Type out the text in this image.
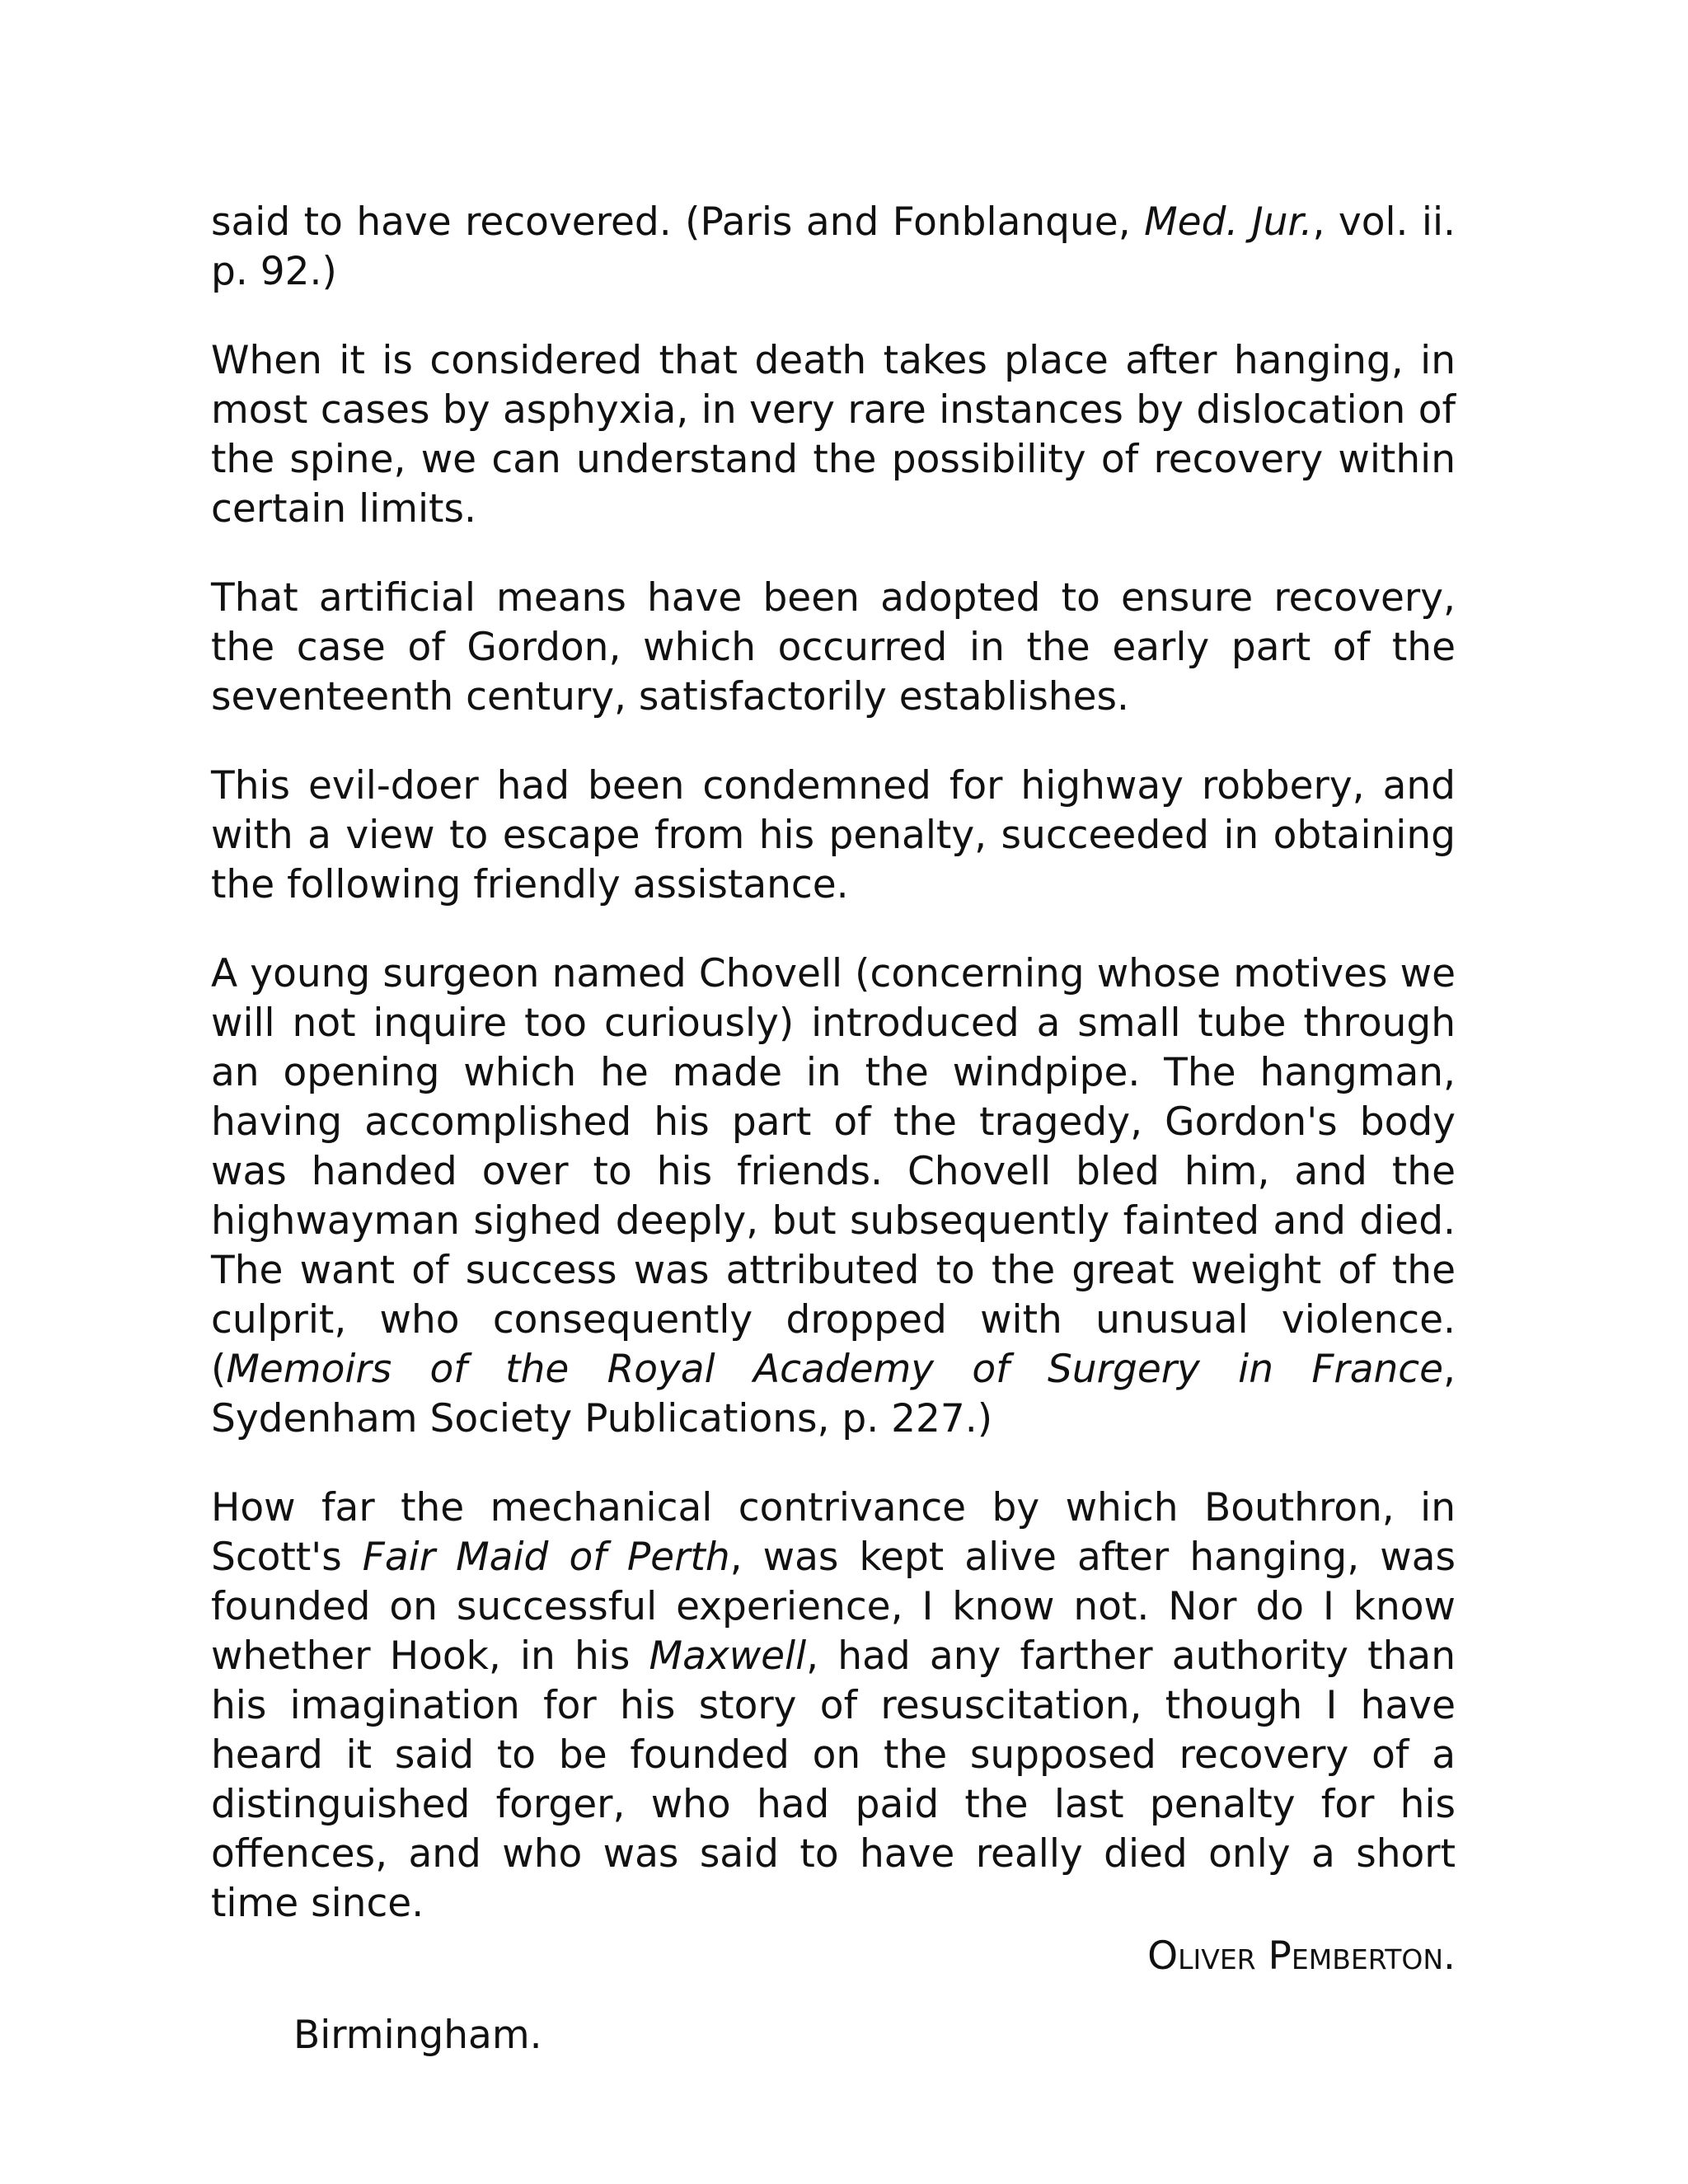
said to have recovered. (Paris and Fonblanque, Med. Jur., vol. ii. p. 92.)

When it is considered that death takes place after hanging, in most cases by asphyxia, in very rare instances by dislocation of the spine, we can understand the possibility of recovery within certain limits.

That artificial means have been adopted to ensure recovery, the case of Gordon, which occurred in the early part of the seventeenth century, satisfactorily establishes.

This evil-doer had been condemned for highway robbery, and with a view to escape from his penalty, succeeded in obtaining the following friendly assistance.

A young surgeon named Chovell (concerning whose motives we will not inquire too curiously) introduced a small tube through an opening which he made in the windpipe. The hangman, having accomplished his part of the tragedy, Gordon's body was handed over to his friends. Chovell bled him, and the highwayman sighed deeply, but subsequently fainted and died. The want of success was attributed to the great weight of the culprit, who consequently dropped with unusual violence. (Memoirs of the Royal Academy of Surgery in France, Sydenham Society Publications, p. 227.)

How far the mechanical contrivance by which Bouthron, in Scott's Fair Maid of Perth, was kept alive after hanging, was founded on successful experience, I know not. Nor do I know whether Hook, in his Maxwell, had any farther authority than his imagination for his story of resuscitation, though I have heard it said to be founded on the supposed recovery of a distinguished forger, who had paid the last penalty for his offences, and who was said to have really died only a short time since.

Oliver Pemberton.
Birmingham.
